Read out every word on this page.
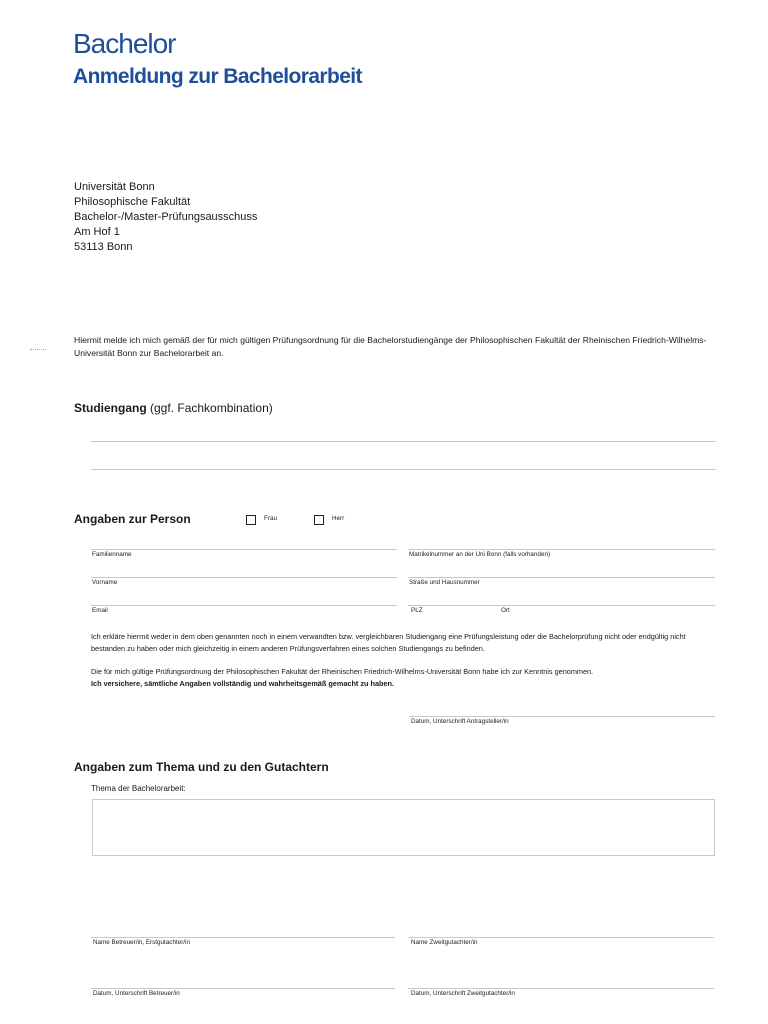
Bachelor
Anmeldung zur Bachelorarbeit
Universität Bonn
Philosophische Fakultät
Bachelor-/Master-Prüfungsausschuss
Am Hof 1
53113 Bonn
Hiermit melde ich mich gemäß der für mich gültigen Prüfungsordnung für die Bachelorstudiengänge der Philosophischen Fakultät der Rheinischen Friedrich-Wilhelms-Universität Bonn zur Bachelorarbeit an.
Studiengang (ggf. Fachkombination)
Angaben zur Person	Frau	Herr
Familienname	Matrikelnummer an der Uni Bonn (falls vorhanden)
Vorname	Straße und Hausnummer
Email	PLZ	Ort
Ich erkläre hiermit weder in dem oben genannten noch in einem verwandten bzw. vergleichbaren Studiengang eine Prüfungsleistung oder die Bachelorprüfung nicht oder endgültig nicht bestanden zu haben oder mich gleichzeitig in einem anderen Prüfungsverfahren eines solchen Studiengangs zu befinden.
Die für mich gültige Prüfungsordnung der Philosophischen Fakultät der Rheinischen Friedrich-Wilhelms-Universität Bonn habe ich zur Kenntnis genommen.
Ich versichere, sämtliche Angaben vollständig und wahrheitsgemäß gemacht zu haben.
Datum, Unterschrift Antragsteller/in
Angaben zum Thema und zu den Gutachtern
Thema der Bachelorarbeit:
Name Betreuer/in, Erstgutachter/in	Name Zweitgutachter/in
Datum, Unterschrift Betreuer/in	Datum, Unterschrift Zweitgutachter/in
